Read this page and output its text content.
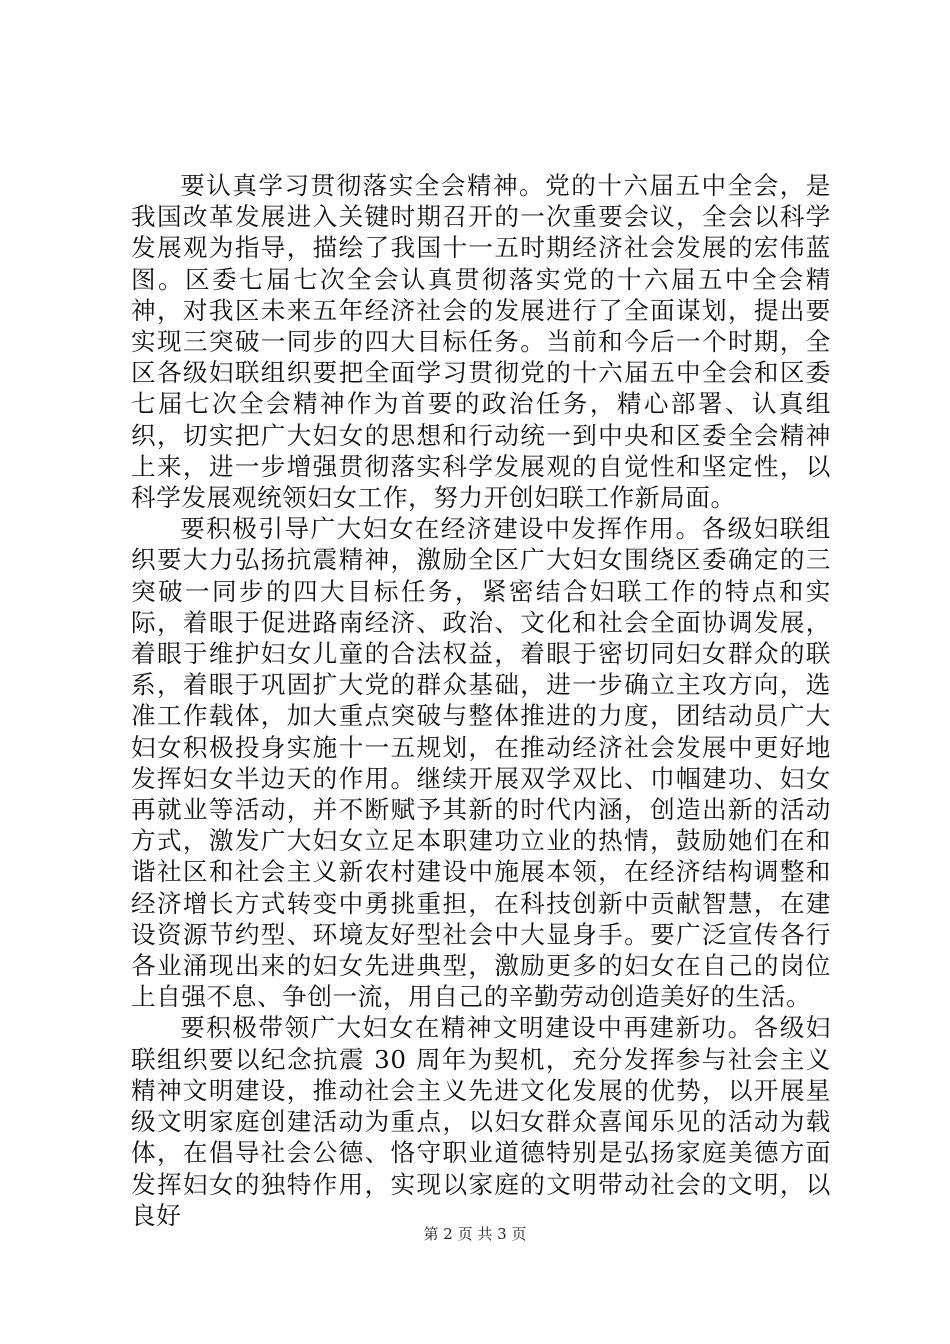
要认真学习贯彻落实全会精神。党的十六届五中全会，是我国改革发展进入关键时期召开的一次重要会议，全会以科学发展观为指导，描绘了我国十一五时期经济社会发展的宏伟蓝图。区委七届七次全会认真贯彻落实党的十六届五中全会精神，对我区未来五年经济社会的发展进行了全面谋划，提出要实现三突破一同步的四大目标任务。当前和今后一个时期，全区各级妇联组织要把全面学习贯彻党的十六届五中全会和区委七届七次全会精神作为首要的政治任务，精心部署、认真组织，切实把广大妇女的思想和行动统一到中央和区委全会精神上来，进一步增强贯彻落实科学发展观的自觉性和坚定性，以科学发展观统领妇女工作，努力开创妇联工作新局面。

要积极引导广大妇女在经济建设中发挥作用。各级妇联组织要大力弘扬抗震精神，激励全区广大妇女围绕区委确定的三突破一同步的四大目标任务，紧密结合妇联工作的特点和实际，着眼于促进路南经济、政治、文化和社会全面协调发展，着眼于维护妇女儿童的合法权益，着眼于密切同妇女群众的联系，着眼于巩固扩大党的群众基础，进一步确立主攻方向，选准工作载体，加大重点突破与整体推进的力度，团结动员广大妇女积极投身实施十一五规划，在推动经济社会发展中更好地发挥妇女半边天的作用。继续开展双学双比、巾帼建功、妇女再就业等活动，并不断赋予其新的时代内涵，创造出新的活动方式，激发广大妇女立足本职建功立业的热情，鼓励她们在和谐社区和社会主义新农村建设中施展本领，在经济结构调整和经济增长方式转变中勇挑重担，在科技创新中贡献智慧，在建设资源节约型、环境友好型社会中大显身手。要广泛宣传各行各业涌现出来的妇女先进典型，激励更多的妇女在自己的岗位上自强不息、争创一流，用自己的辛勤劳动创造美好的生活。

要积极带领广大妇女在精神文明建设中再建新功。各级妇联组织要以纪念抗震 30 周年为契机，充分发挥参与社会主义精神文明建设，推动社会主义先进文化发展的优势，以开展星级文明家庭创建活动为重点，以妇女群众喜闻乐见的活动为载体，在倡导社会公德、恪守职业道德特别是弘扬家庭美德方面发挥妇女的独特作用，实现以家庭的文明带动社会的文明，以良好

第 2 页 共 3 页
